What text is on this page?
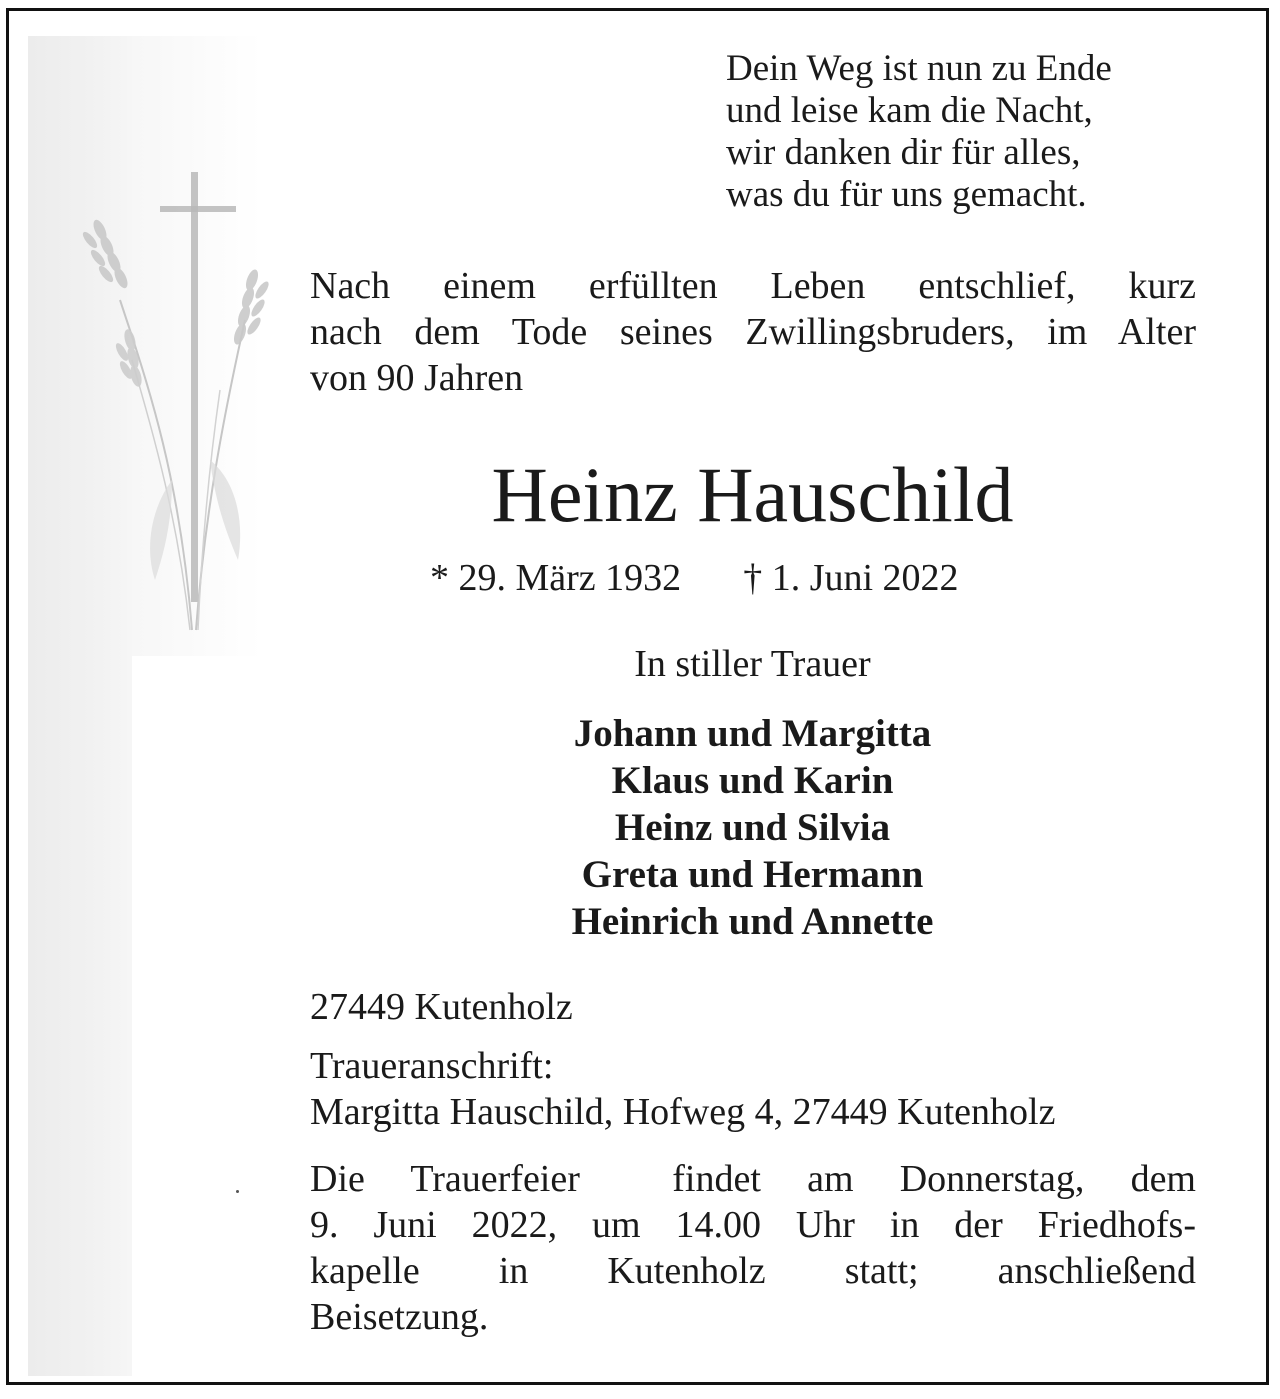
Dein Weg ist nun zu Ende
und leise kam die Nacht,
wir danken dir für alles,
was du für uns gemacht.
Nach einem erfüllten Leben entschlief, kurz
nach dem Tode seines Zwillingsbruders, im Alter
von 90 Jahren
Heinz Hauschild
* 29. März 1932 † 1. Juni 2022
In stiller Trauer
Johann und Margitta
Klaus und Karin
Heinz und Silvia
Greta und Hermann
Heinrich und Annette
27449 Kutenholz
Traueranschrift:
Margitta Hauschild, Hofweg 4, 27449 Kutenholz
Die Trauerfeier  findet am Donnerstag, dem
9. Juni 2022, um 14.00 Uhr in der Friedhofs-
kapelle in Kutenholz statt; anschließend
Beisetzung.
